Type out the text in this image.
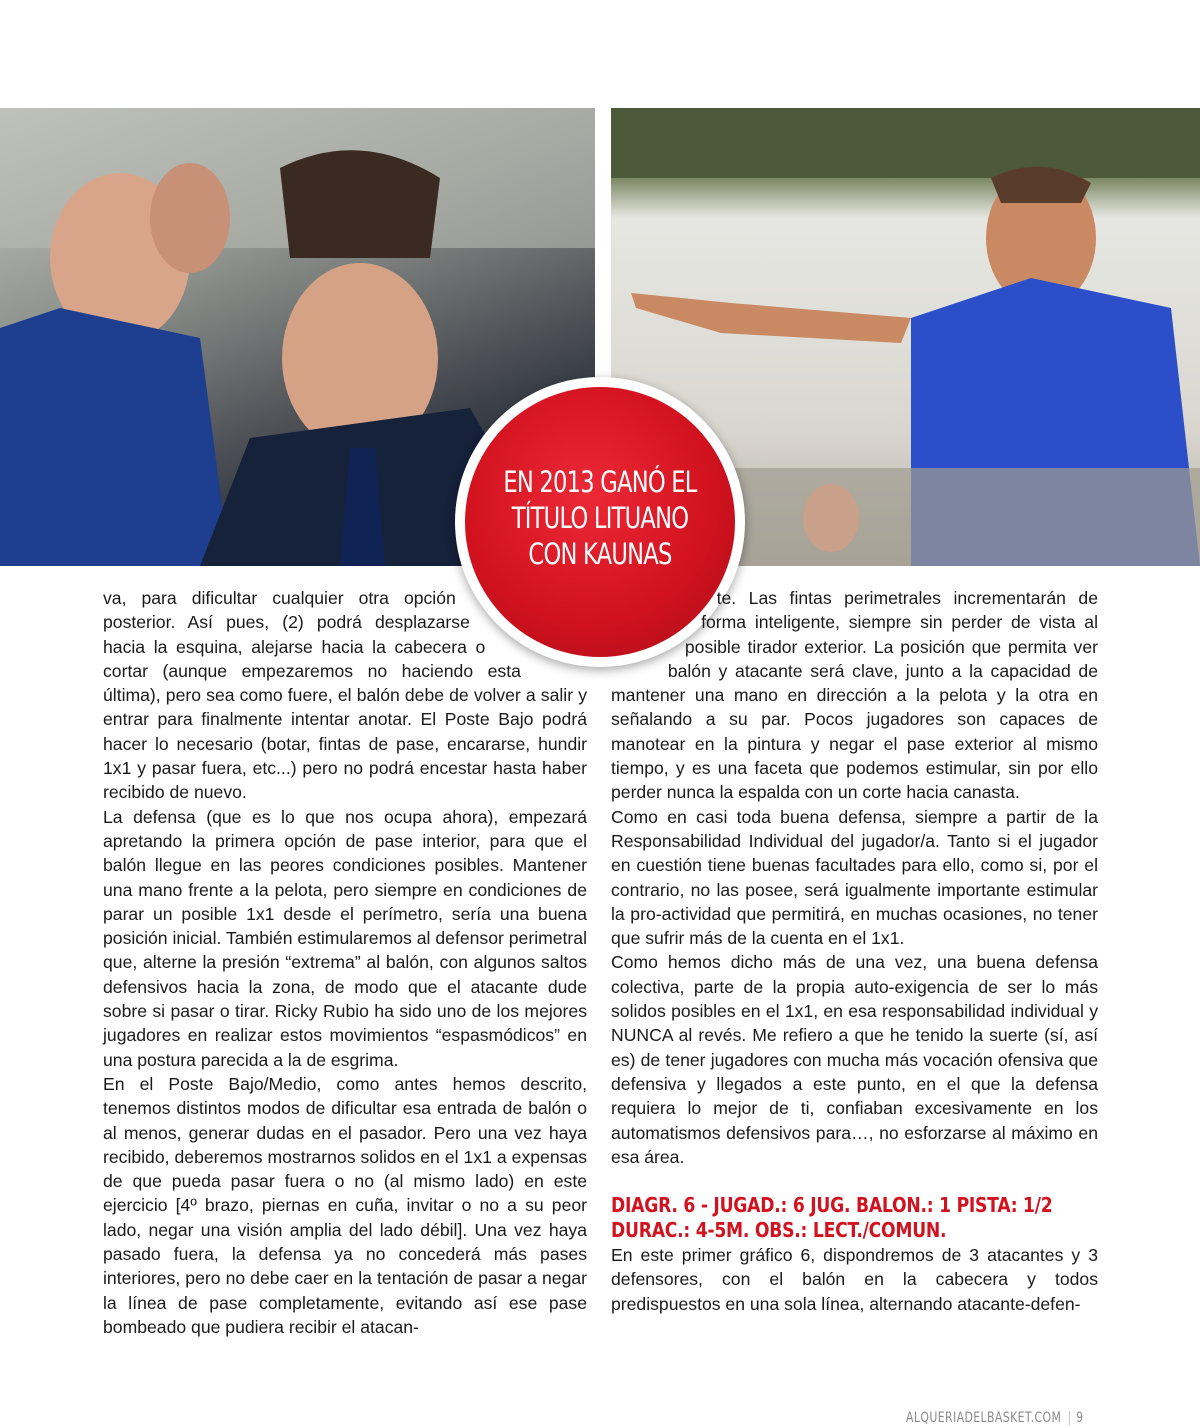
EN 2013 GANÓ EL TÍTULO LITUANO CON KAUNAS

va, para dificultar cualquier otra opción posterior. Así pues, (2) podrá desplazarse hacia la esquina, alejarse hacia la cabecera o cortar (aunque empezaremos no haciendo esta última), pero sea como fuere, el balón debe de volver a salir y entrar para finalmente intentar anotar. El Poste Bajo podrá hacer lo necesario (botar, fintas de pase, encararse, hundir 1x1 y pasar fuera, etc...) pero no podrá encestar hasta haber recibido de nuevo.

La defensa (que es lo que nos ocupa ahora), empezará apretando la primera opción de pase interior, para que el balón llegue en las peores condiciones posibles. Mantener una mano frente a la pelota, pero siempre en condiciones de parar un posible 1x1 desde el perímetro, sería una buena posición inicial. También estimularemos al defensor perimetral que, alterne la presión “extrema” al balón, con algunos saltos defensivos hacia la zona, de modo que el atacante dude sobre si pasar o tirar. Ricky Rubio ha sido uno de los mejores jugadores en realizar estos movimientos “espasmódicos” en una postura parecida a la de esgrima.

En el Poste Bajo/Medio, como antes hemos descrito, tenemos distintos modos de dificultar esa entrada de balón o al menos, generar dudas en el pasador. Pero una vez haya recibido, deberemos mostrarnos solidos en el 1x1 a expensas de que pueda pasar fuera o no (al mismo lado) en este ejercicio [4º brazo, piernas en cuña, invitar o no a su peor lado, negar una visión amplia del lado débil]. Una vez haya pasado fuera, la defensa ya no concederá más pases interiores, pero no debe caer en la tentación de pasar a negar la línea de pase completamente, evitando así ese pase bombeado que pudiera recibir el atacan-

te. Las fintas perimetrales incrementarán de forma inteligente, siempre sin perder de vista al posible tirador exterior. La posición que permita ver balón y atacante será clave, junto a la capacidad de mantener una mano en dirección a la pelota y la otra en señalando a su par. Pocos jugadores son capaces de manotear en la pintura y negar el pase exterior al mismo tiempo, y es una faceta que podemos estimular, sin por ello perder nunca la espalda con un corte hacia canasta.

Como en casi toda buena defensa, siempre a partir de la Responsabilidad Individual del jugador/a. Tanto si el jugador en cuestión tiene buenas facultades para ello, como si, por el contrario, no las posee, será igualmente importante estimular la pro-actividad que permitirá, en muchas ocasiones, no tener que sufrir más de la cuenta en el 1x1.

Como hemos dicho más de una vez, una buena defensa colectiva, parte de la propia auto-exigencia de ser lo más solidos posibles en el 1x1, en esa responsabilidad individual y NUNCA al revés. Me refiero a que he tenido la suerte (sí, así es) de tener jugadores con mucha más vocación ofensiva que defensiva y llegados a este punto, en el que la defensa requiera lo mejor de ti, confiaban excesivamente en los automatismos defensivos para…, no esforzarse al máximo en esa área.

DIAGR. 6 - JUGAD.: 6 JUG. BALON.: 1 PISTA: 1/2

DURAC.: 4-5M. OBS.: LECT./COMUN.

En este primer gráfico 6, dispondremos de 3 atacantes y 3 defensores, con el balón en la cabecera y todos predispuestos en una sola línea, alternando atacante-defen-

ALQUERIADELBASKET.COM 9
